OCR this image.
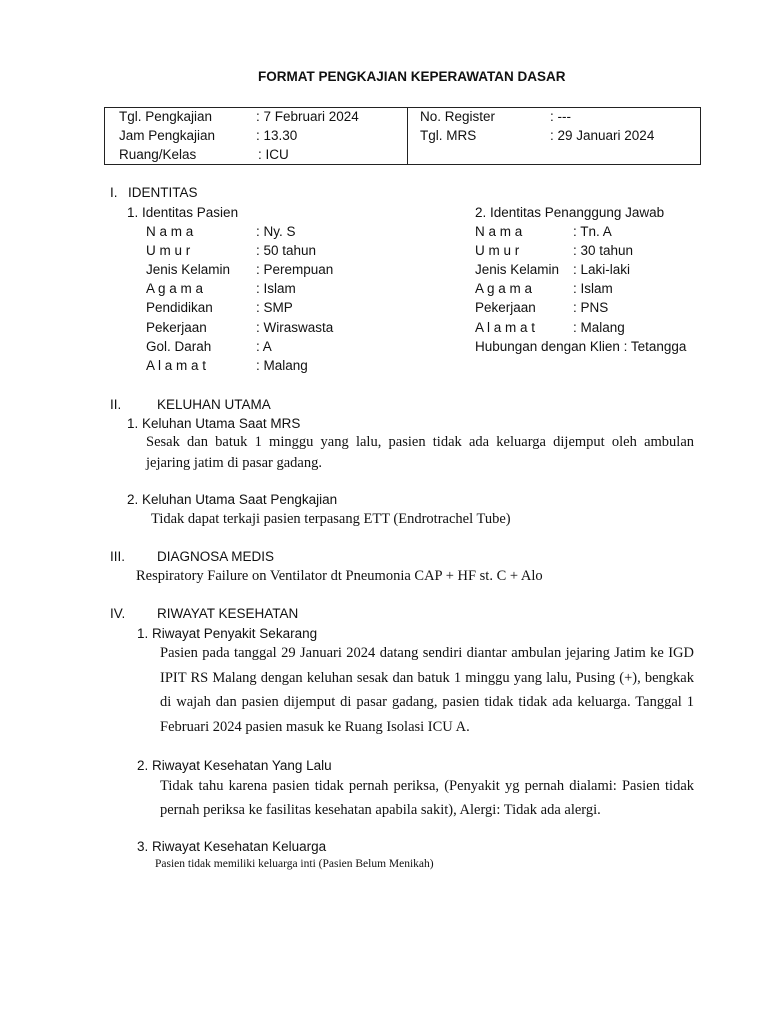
FORMAT PENGKAJIAN KEPERAWATAN DASAR
Tgl. Pengkajian	: 7 Februari 2024
Jam Pengkajian	: 13.30
Ruang/Kelas	: ICU
No. Register	: ---
Tgl. MRS	: 29 Januari 2024
I. IDENTITAS
1. Identitas Pasien
N a m a	: Ny. S
U m u r	: 50 tahun
Jenis Kelamin : Perempuan
A g a m a	: Islam
Pendidikan	: SMP
Pekerjaan	: Wiraswasta
Gol. Darah	: A
A l a m a t	: Malang
2. Identitas Penanggung Jawab
N a m a	: Tn. A
U m u r	: 30 tahun
Jenis Kelamin : Laki-laki
A g a m a	: Islam
Pekerjaan	: PNS
A l a m a t	: Malang
Hubungan dengan Klien : Tetangga
II.	KELUHAN UTAMA
1. Keluhan Utama Saat MRS
Sesak dan batuk 1 minggu yang lalu, pasien tidak ada keluarga dijemput oleh ambulan jejaring jatim di pasar gadang.
2. Keluhan Utama Saat Pengkajian
Tidak dapat terkaji pasien terpasang ETT (Endrotrachel Tube)
III. DIAGNOSA MEDIS
Respiratory Failure on Ventilator dt Pneumonia CAP + HF st. C + Alo
IV. RIWAYAT KESEHATAN
1. Riwayat Penyakit Sekarang
Pasien pada tanggal 29 Januari 2024 datang sendiri diantar ambulan jejaring Jatim ke IGD IPIT RS Malang dengan keluhan sesak dan batuk 1 minggu yang lalu, Pusing (+), bengkak di wajah dan pasien dijemput di pasar gadang, pasien tidak tidak ada keluarga. Tanggal 1 Februari 2024 pasien masuk ke Ruang Isolasi ICU A.
2. Riwayat Kesehatan Yang Lalu
Tidak tahu karena pasien tidak pernah periksa, (Penyakit yg pernah dialami: Pasien tidak pernah periksa ke fasilitas kesehatan apabila sakit), Alergi: Tidak ada alergi.
3. Riwayat Kesehatan Keluarga
Pasien tidak memiliki keluarga inti (Pasien Belum Menikah)
